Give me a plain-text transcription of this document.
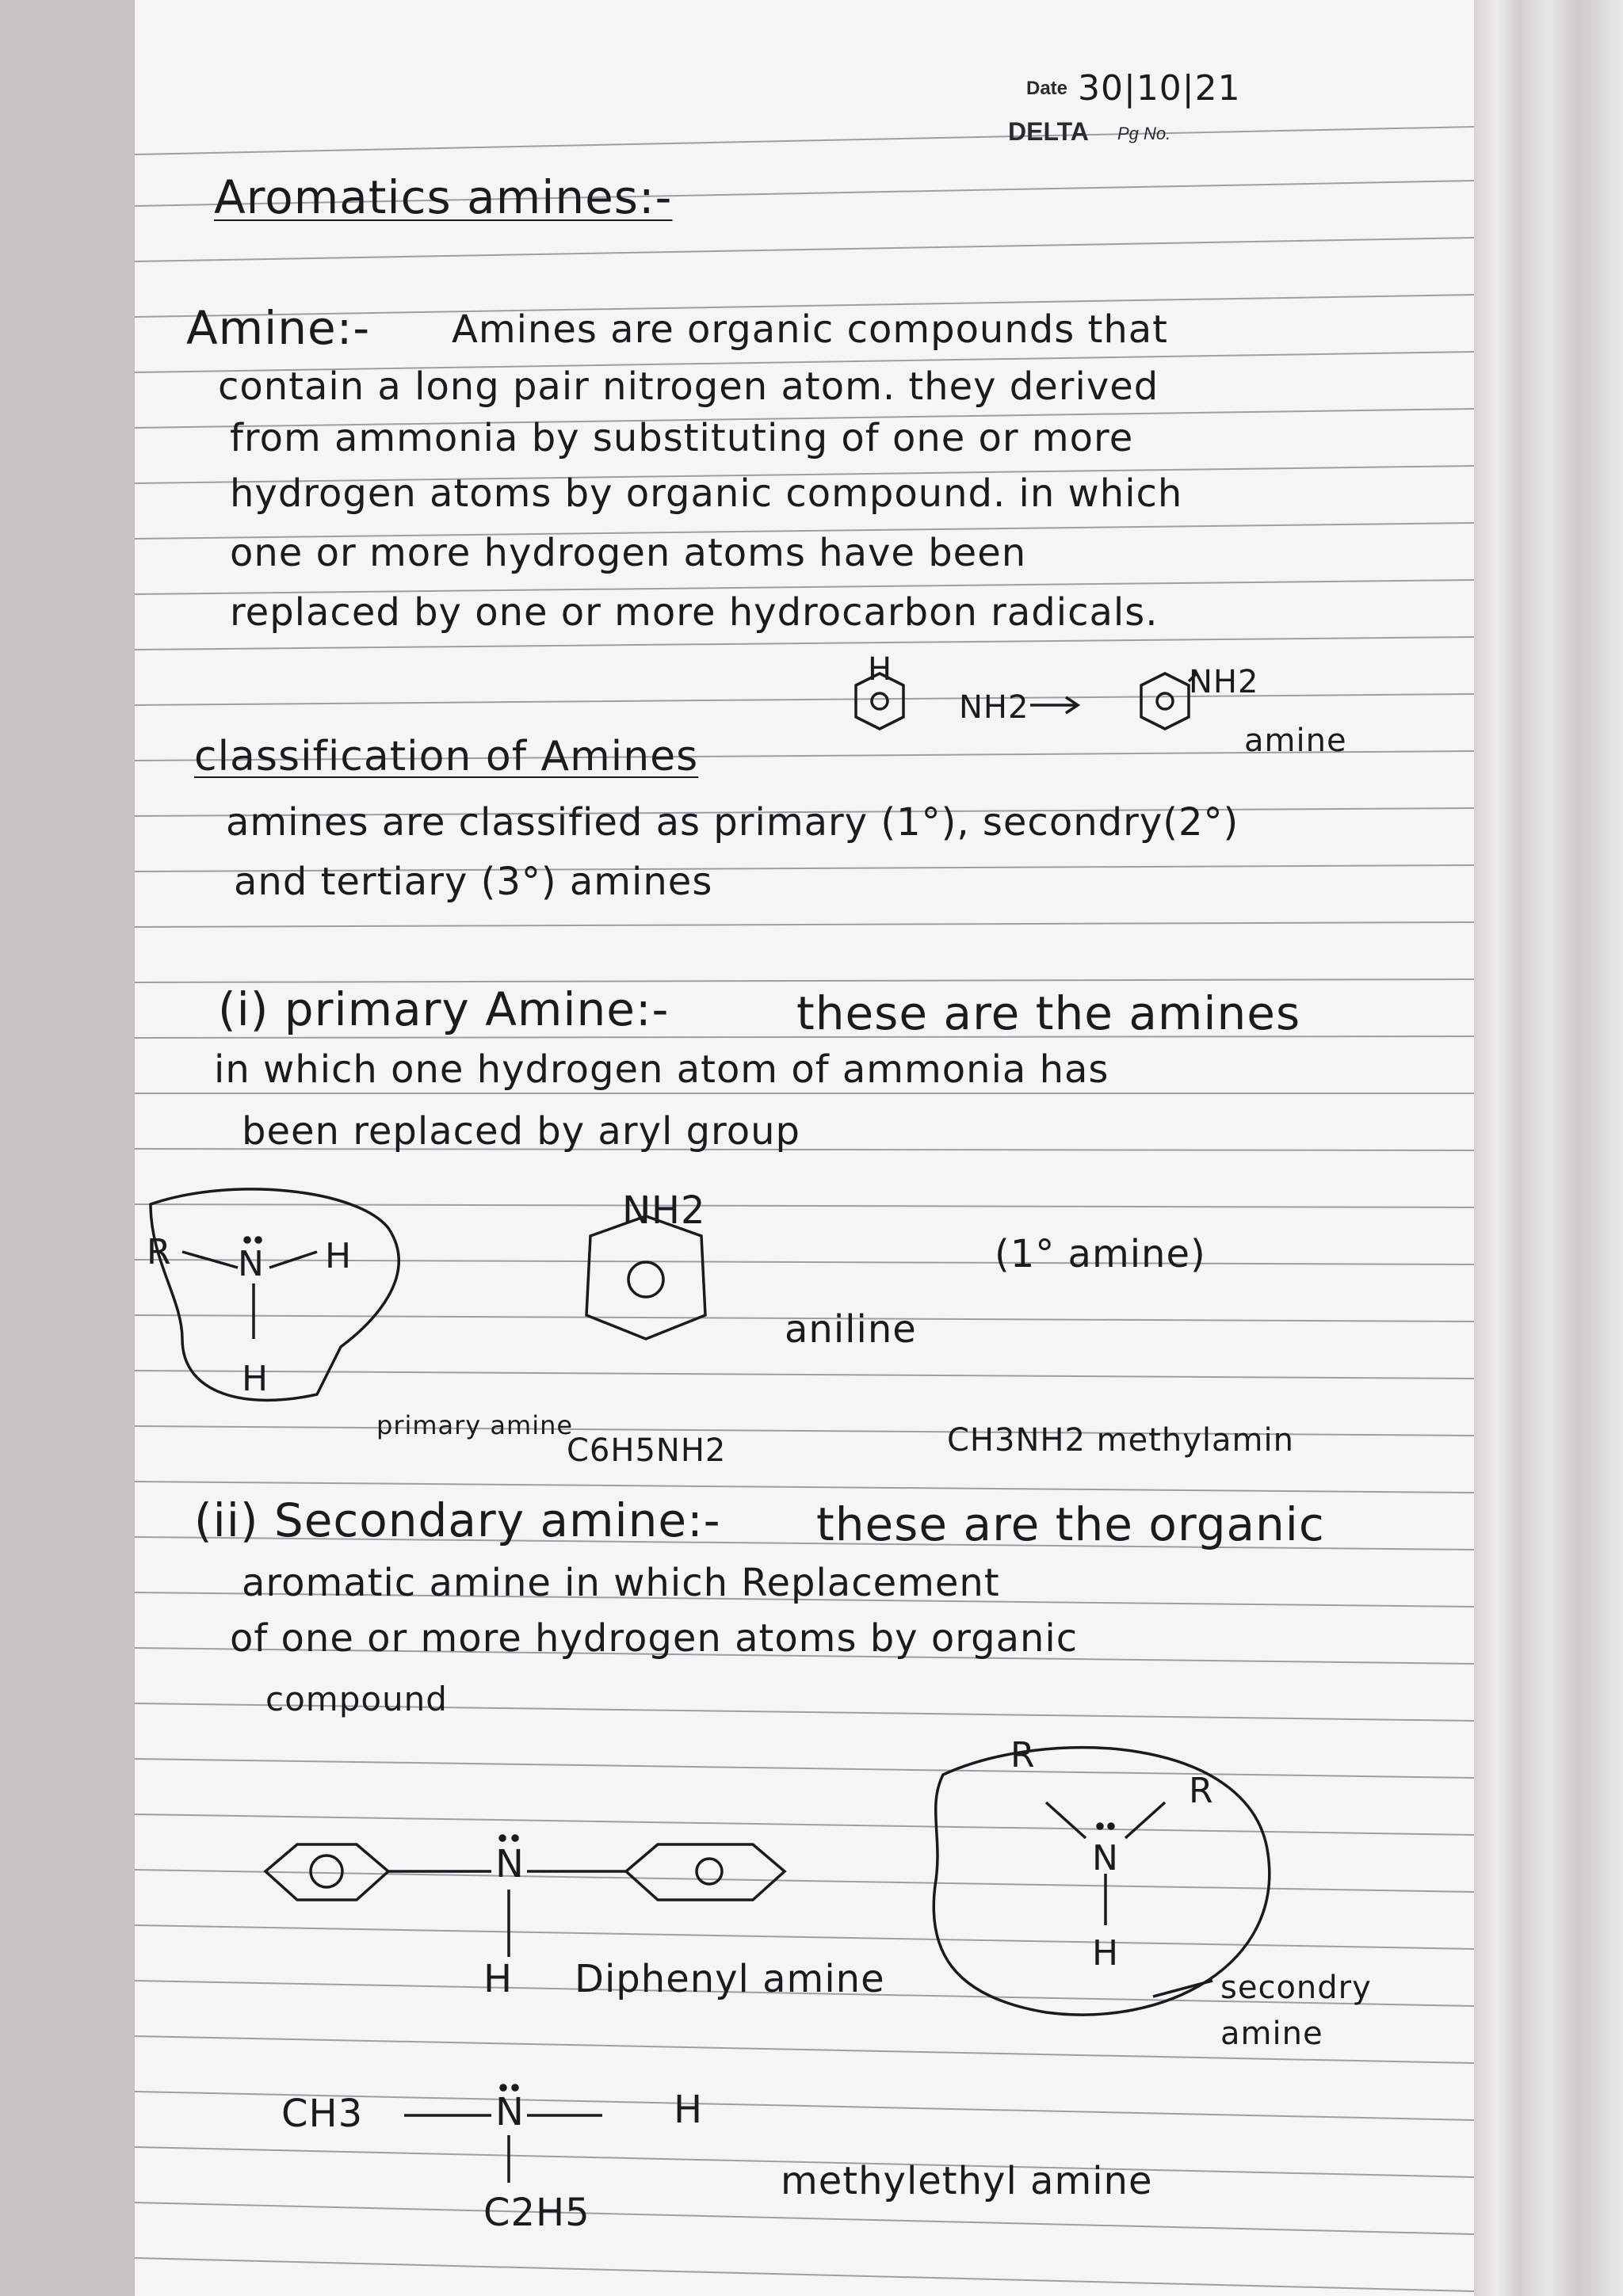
Date 30|10|21
DELTA Pg No.
Aromatics amines:-
Amine:- Amines are organic compounds that
contain a long pair nitrogen atom. they derived
from ammonia by substituting of one or more
hydrogen atoms by organic compound. in which
one or more hydrogen atoms have been
replaced by one or more hydrocarbon radicals.
H
NH2
NH2
amine
classification of Amines
amines are classified as primary (1°), secondry(2°)
and tertiary (3°) amines
(i) primary Amine:-	these are the amines
in which one hydrogen atom of ammonia has
been replaced by aryl group
R N H
H
NH2
(1° amine)
aniline
primary amine
C6H5NH2	CH3NH2 methylamin
(ii) Secondary amine:- these are the organic
aromatic amine in which Replacement
of one or more hydrogen atoms by organic
compound
N
H Diphenyl amine
R
R
N
H
secondry amine
CH3	N	H
C2H5
methylethyl amine
